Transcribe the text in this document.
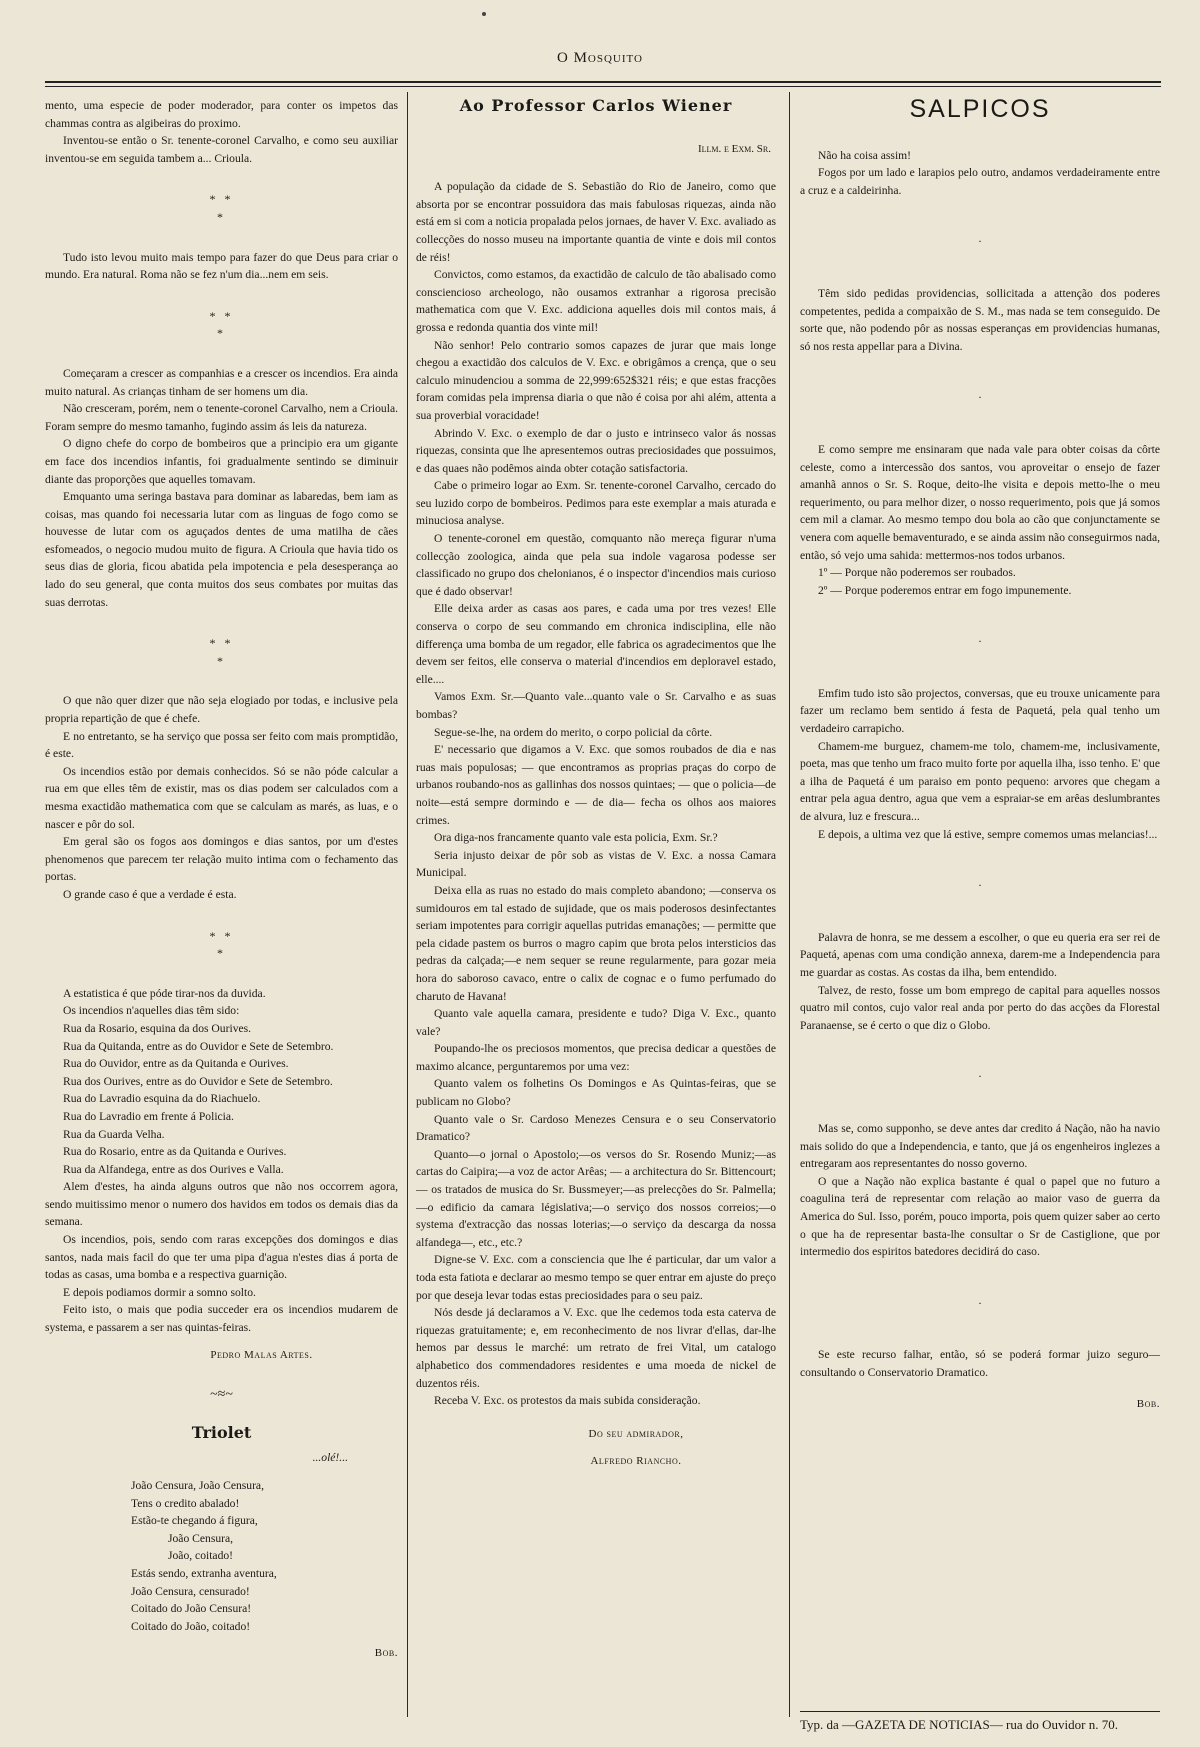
O Mosquito

mento, uma especie de poder moderador, para conter os impetos das chammas contra as algibeiras do proximo.

Inventou-se então o Sr. tenente-coronel Carvalho, e como seu auxiliar inventou-se em seguida tambem a... Crioula.

* *
*

Tudo isto levou muito mais tempo para fazer do que Deus para criar o mundo. Era natural. Roma não se fez n'um dia...nem em seis.

* *
*

Começaram a crescer as companhias e a crescer os incendios. Era ainda muito natural. As crianças tinham de ser homens um dia.

Não cresceram, porém, nem o tenente-coronel Carvalho, nem a Crioula. Foram sempre do mesmo tamanho, fugindo assim ás leis da natureza.

O digno chefe do corpo de bombeiros que a principio era um gigante em face dos incendios infantis, foi gradualmente sentindo se diminuir diante das proporções que aquelles tomavam.

Emquanto uma seringa bastava para dominar as labaredas, bem iam as coisas, mas quando foi necessaria lutar com as linguas de fogo como se houvesse de lutar com os aguçados dentes de uma matilha de cães esfomeados, o negocio mudou muito de figura. A Crioula que havia tido os seus dias de gloria, ficou abatida pela impotencia e pela desesperança ao lado do seu general, que conta muitos dos seus combates por muitas das suas derrotas.

* *
*

O que não quer dizer que não seja elogiado por todas, e inclusive pela propria repartição de que é chefe.

E no entretanto, se ha serviço que possa ser feito com mais promptidão, é este.

Os incendios estão por demais conhecidos. Só se não póde calcular a rua em que elles têm de existir, mas os dias podem ser calculados com a mesma exactidão mathematica com que se calculam as marés, as luas, e o nascer e pôr do sol.

Em geral são os fogos aos domingos e dias santos, por um d'estes phenomenos que parecem ter relação muito intima com o fechamento das portas.

O grande caso é que a verdade é esta.

* *
*

A estatistica é que póde tirar-nos da duvida.

Os incendios n'aquelles dias têm sido:

Rua da Rosario, esquina da dos Ourives.

Rua da Quitanda, entre as do Ouvidor e Sete de Setembro.

Rua do Ouvidor, entre as da Quitanda e Ourives.

Rua dos Ourives, entre as do Ouvidor e Sete de Setembro.

Rua do Lavradio esquina da do Riachuelo.

Rua do Lavradio em frente á Policia.

Rua da Guarda Velha.

Rua do Rosario, entre as da Quitanda e Ourives.

Rua da Alfandega, entre as dos Ourives e Valla.

Alem d'estes, ha ainda alguns outros que não nos occorrem agora, sendo muitissimo menor o numero dos havidos em todos os demais dias da semana.

Os incendios, pois, sendo com raras excepções dos domingos e dias santos, nada mais facil do que ter uma pipa d'agua n'estes dias á porta de todas as casas, uma bomba e a respectiva guarnição.

E depois podiamos dormir a somno solto.

Feito isto, o mais que podia succeder era os incendios mudarem de systema, e passarem a ser nas quintas-feiras.

Pedro Malas Artes.
~≈~
Triolet
...olé!...

João Censura, João Censura,

Tens o credito abalado!

Estão-te chegando á figura,

João Censura,

João, coitado!

Estás sendo, extranha aventura,

João Censura, censurado!

Coitado do João Censura!

Coitado do João, coitado!

Bob.
Ao Professor Carlos Wiener
Illm. e Exm. Sr.

A população da cidade de S. Sebastião do Rio de Janeiro, como que absorta por se encontrar possuidora das mais fabulosas riquezas, ainda não está em si com a noticia propalada pelos jornaes, de haver V. Exc. avaliado as collecções do nosso museu na importante quantia de vinte e dois mil contos de réis!

Convictos, como estamos, da exactidão de calculo de tão abalisado como consciencioso archeologo, não ousamos extranhar a rigorosa precisão mathematica com que V. Exc. addiciona aquelles dois mil contos mais, á grossa e redonda quantia dos vinte mil!

Não senhor! Pelo contrario somos capazes de jurar que mais longe chegou a exactidão dos calculos de V. Exc. e obrigâmos a crença, que o seu calculo minudenciou a somma de 22,999:652$321 réis; e que estas fracções foram comidas pela imprensa diaria o que não é coisa por ahi além, attenta a sua proverbial voracidade!

Abrindo V. Exc. o exemplo de dar o justo e intrinseco valor ás nossas riquezas, consinta que lhe apresentemos outras preciosidades que possuimos, e das quaes não podêmos ainda obter cotação satisfactoria.

Cabe o primeiro logar ao Exm. Sr. tenente-coronel Carvalho, cercado do seu luzido corpo de bombeiros. Pedimos para este exemplar a mais aturada e minuciosa analyse.

O tenente-coronel em questão, comquanto não mereça figurar n'uma collecção zoologica, ainda que pela sua indole vagarosa podesse ser classificado no grupo dos chelonianos, é o inspector d'incendios mais curioso que é dado observar!

Elle deixa arder as casas aos pares, e cada uma por tres vezes! Elle conserva o corpo de seu commando em chronica indisciplina, elle não differença uma bomba de um regador, elle fabrica os agradecimentos que lhe devem ser feitos, elle conserva o material d'incendios em deploravel estado, elle....

Vamos Exm. Sr.—Quanto vale...quanto vale o Sr. Carvalho e as suas bombas?

Segue-se-lhe, na ordem do merito, o corpo policial da côrte.

E' necessario que digamos a V. Exc. que somos roubados de dia e nas ruas mais populosas; — que encontramos as proprias praças do corpo de urbanos roubando-nos as gallinhas dos nossos quintaes; — que o policia—de noite—está sempre dormindo e — de dia— fecha os olhos aos maiores crimes.

Ora diga-nos francamente quanto vale esta policia, Exm. Sr.?

Seria injusto deixar de pôr sob as vistas de V. Exc. a nossa Camara Municipal.

Deixa ella as ruas no estado do mais completo abandono; —conserva os sumidouros em tal estado de sujidade, que os mais poderosos desinfectantes seriam impotentes para corrigir aquellas putridas emanações; — permitte que pela cidade pastem os burros o magro capim que brota pelos intersticios das pedras da calçada;—e nem sequer se reune regularmente, para gozar meia hora do saboroso cavaco, entre o calix de cognac e o fumo perfumado do charuto de Havana!

Quanto vale aquella camara, presidente e tudo? Diga V. Exc., quanto vale?

Poupando-lhe os preciosos momentos, que precisa dedicar a questões de maximo alcance, perguntaremos por uma vez:

Quanto valem os folhetins Os Domingos e As Quintas-feiras, que se publicam no Globo?

Quanto vale o Sr. Cardoso Menezes Censura e o seu Conservatorio Dramatico?

Quanto—o jornal o Apostolo;—os versos do Sr. Rosendo Muniz;—as cartas do Caipira;—a voz de actor Arêas; — a architectura do Sr. Bittencourt; — os tratados de musica do Sr. Bussmeyer;—as prelecções do Sr. Palmella;—o edificio da camara législativa;—o serviço dos nossos correios;—o systema d'extracção das nossas loterias;—o serviço da descarga da nossa alfandega—, etc., etc.?

Digne-se V. Exc. com a consciencia que lhe é particular, dar um valor a toda esta fatiota e declarar ao mesmo tempo se quer entrar em ajuste do preço por que deseja levar todas estas preciosidades para o seu paiz.

Nós desde já declaramos a V. Exc. que lhe cedemos toda esta caterva de riquezas gratuitamente; e, em reconhecimento de nos livrar d'ellas, dar-lhe hemos par dessus le marché: um retrato de frei Vital, um catalogo alphabetico dos commendadores residentes e uma moeda de nickel de duzentos réis.

Receba V. Exc. os protestos da mais subida consideração.

Do seu admirador,
Alfredo Riancho.
SALPICOS

Não ha coisa assim!

Fogos por um lado e larapios pelo outro, andamos verdadeiramente entre a cruz e a caldeirinha.

·

Têm sido pedidas providencias, sollicitada a attenção dos poderes competentes, pedida a compaixão de S. M., mas nada se tem conseguido. De sorte que, não podendo pôr as nossas esperanças em providencias humanas, só nos resta appellar para a Divina.

·

E como sempre me ensinaram que nada vale para obter coisas da côrte celeste, como a intercessão dos santos, vou aproveitar o ensejo de fazer amanhã annos o Sr. S. Roque, deito-lhe visita e depois metto-lhe o meu requerimento, ou para melhor dizer, o nosso requerimento, pois que já somos cem mil a clamar. Ao mesmo tempo dou bola ao cão que conjunctamente se venera com aquelle bemaventurado, e se ainda assim não conseguirmos nada, então, só vejo uma sahida: mettermos-nos todos urbanos.

1º — Porque não poderemos ser roubados.

2º — Porque poderemos entrar em fogo impunemente.

·

Emfim tudo isto são projectos, conversas, que eu trouxe unicamente para fazer um reclamo bem sentido á festa de Paquetá, pela qual tenho um verdadeiro carrapicho.

Chamem-me burguez, chamem-me tolo, chamem-me, inclusivamente, poeta, mas que tenho um fraco muito forte por aquella ilha, isso tenho. E' que a ilha de Paquetá é um paraiso em ponto pequeno: arvores que chegam a entrar pela agua dentro, agua que vem a espraiar-se em arêas deslumbrantes de alvura, luz e frescura...

E depois, a ultima vez que lá estive, sempre comemos umas melancias!...

·

Palavra de honra, se me dessem a escolher, o que eu queria era ser rei de Paquetá, apenas com uma condição annexa, darem-me a Independencia para me guardar as costas. As costas da ilha, bem entendido.

Talvez, de resto, fosse um bom emprego de capital para aquelles nossos quatro mil contos, cujo valor real anda por perto do das acções da Florestal Paranaense, se é certo o que diz o Globo.

·

Mas se, como supponho, se deve antes dar credito á Nação, não ha navio mais solido do que a Independencia, e tanto, que já os engenheiros inglezes a entregaram aos representantes do nosso governo.

O que a Nação não explica bastante é qual o papel que no futuro a coagulina terá de representar com relação ao maior vaso de guerra da America do Sul. Isso, porém, pouco importa, pois quem quizer saber ao certo o que ha de representar basta-lhe consultar o Sr de Castiglione, que por intermedio dos espiritos batedores decidirá do caso.

·

Se este recurso falhar, então, só se poderá formar juizo seguro—consultando o Conservatorio Dramatico.

Bob.
Typ. da —GAZETA DE NOTICIAS— rua do Ouvidor n. 70.
